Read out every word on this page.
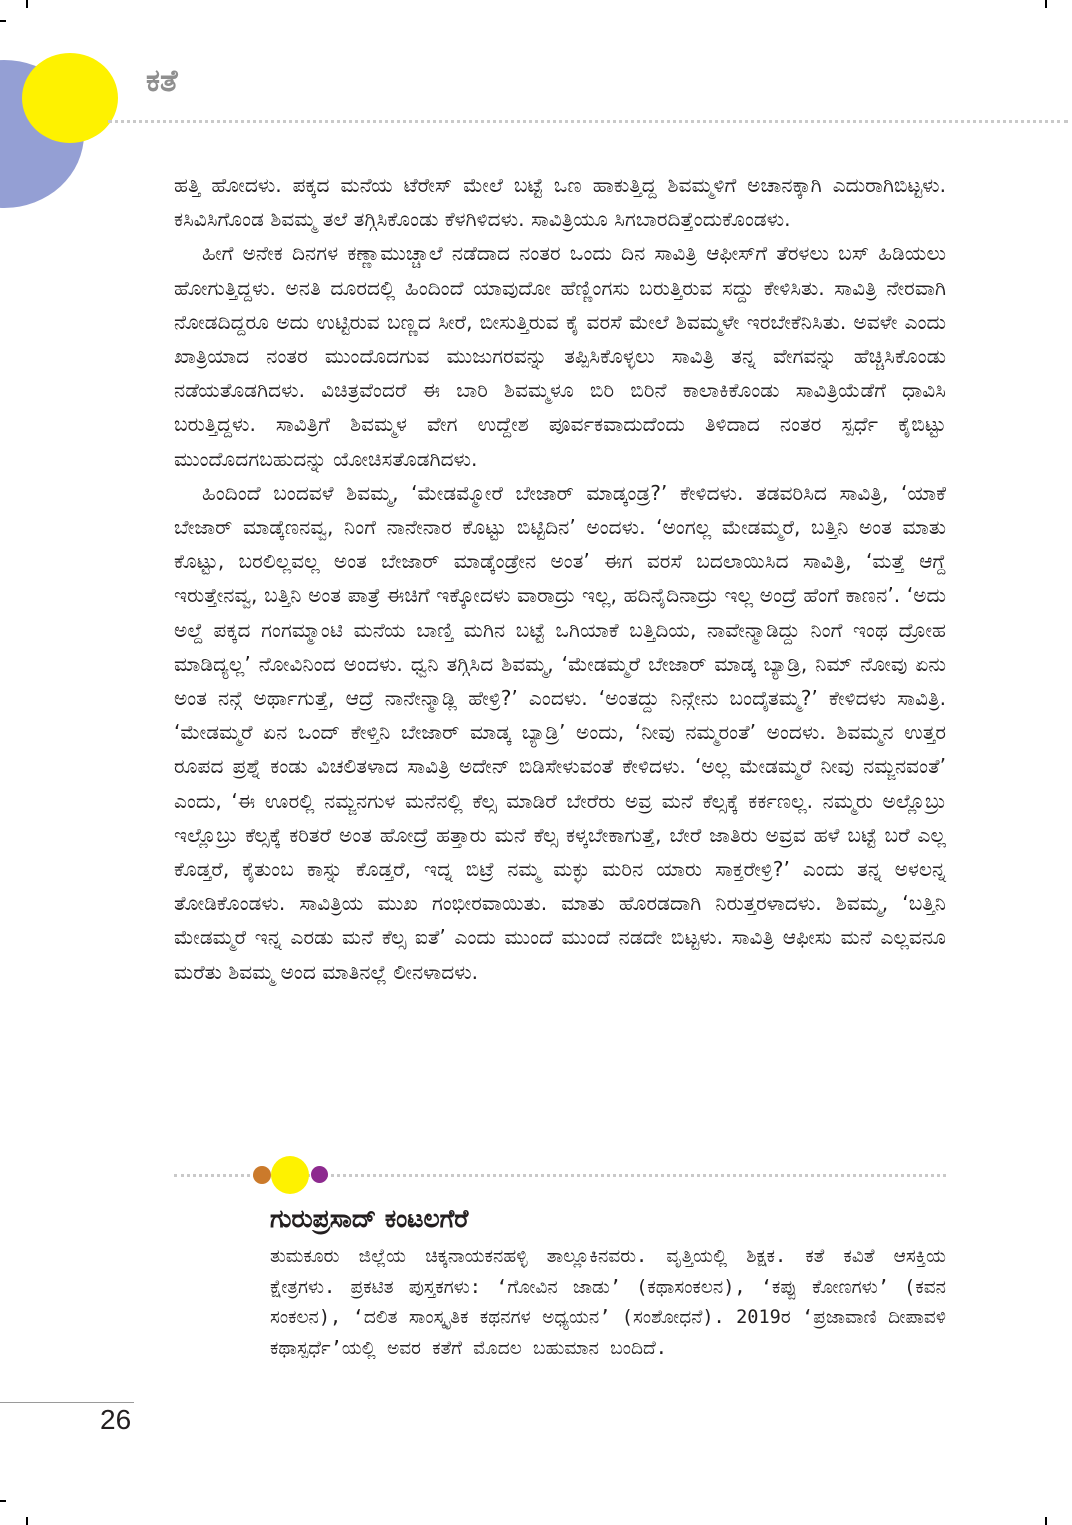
ಕತೆ

ಹತ್ತಿ ಹೋದಳು. ಪಕ್ಕದ ಮನೆಯ ಟೆರೇಸ್ ಮೇಲೆ ಬಟ್ಟೆ ಒಣ ಹಾಕುತ್ತಿದ್ದ ಶಿವಮ್ಮಳಿಗೆ ಅಚಾನಕ್ಕಾಗಿ ಎದುರಾಗಿಬಿಟ್ಟಳು. ಕಸಿವಿಸಿಗೊಂಡ ಶಿವಮ್ಮ ತಲೆ ತಗ್ಗಿಸಿಕೊಂಡು ಕೆಳಗಿಳಿದಳು. ಸಾವಿತ್ರಿಯೂ ಸಿಗಬಾರದಿತ್ತೆಂದುಕೊಂಡಳು.

ಹೀಗೆ ಅನೇಕ ದಿನಗಳ ಕಣ್ಣಾಮುಚ್ಚಾಲೆ ನಡೆದಾದ ನಂತರ ಒಂದು ದಿನ ಸಾವಿತ್ರಿ ಆಫೀಸ್‌ಗೆ ತೆರಳಲು ಬಸ್ ಹಿಡಿಯಲು ಹೋಗುತ್ತಿದ್ದಳು. ಅನತಿ ದೂರದಲ್ಲಿ ಹಿಂದಿಂದೆ ಯಾವುದೋ ಹೆಣ್ಣಿಂಗಸು ಬರುತ್ತಿರುವ ಸದ್ದು ಕೇಳಿಸಿತು. ಸಾವಿತ್ರಿ ನೇರವಾಗಿ ನೋಡದಿದ್ದರೂ ಅದು ಉಟ್ಟಿರುವ ಬಣ್ಣದ ಸೀರೆ, ಬೀಸುತ್ತಿರುವ ಕೈ ವರಸೆ ಮೇಲೆ ಶಿವಮ್ಮಳೇ ಇರಬೇಕೆನಿಸಿತು. ಅವಳೇ ಎಂದು ಖಾತ್ರಿಯಾದ ನಂತರ ಮುಂದೊದಗುವ ಮುಜುಗರವನ್ನು ತಪ್ಪಿಸಿಕೊಳ್ಳಲು ಸಾವಿತ್ರಿ ತನ್ನ ವೇಗವನ್ನು ಹೆಚ್ಚಿಸಿಕೊಂಡು ನಡೆಯತೊಡಗಿದಳು. ವಿಚಿತ್ರವೆಂದರೆ ಈ ಬಾರಿ ಶಿವಮ್ಮಳೂ ಬಿರಿ ಬಿರಿನೆ ಕಾಲಾಕಿಕೊಂಡು ಸಾವಿತ್ರಿಯೆಡೆಗೆ ಧಾವಿಸಿ ಬರುತ್ತಿದ್ದಳು. ಸಾವಿತ್ರಿಗೆ ಶಿವಮ್ಮಳ ವೇಗ ಉದ್ದೇಶ ಪೂರ್ವಕವಾದುದೆಂದು ತಿಳಿದಾದ ನಂತರ ಸ್ಪರ್ಧೆ ಕೈಬಿಟ್ಟು ಮುಂದೊದಗಬಹುದನ್ನು ಯೋಚಿಸತೊಡಗಿದಳು.

ಹಿಂದಿಂದೆ ಬಂದವಳೆ ಶಿವಮ್ಮ, ‘ಮೇಡಮ್ಮೋರೆ ಬೇಜಾರ್ ಮಾಡ್ಕಂಡ್ರ?’ ಕೇಳಿದಳು. ತಡವರಿಸಿದ ಸಾವಿತ್ರಿ, ‘ಯಾಕೆ ಬೇಜಾರ್ ಮಾಡ್ಕೆಣನವ್ವ, ನಿಂಗೆ ನಾನೇನಾರ ಕೊಟ್ಟು ಬಿಟ್ಟಿದಿನ’ ಅಂದಳು. ‘ಅಂಗಲ್ಲ ಮೇಡಮ್ಮರೆ, ಬತ್ತಿನಿ ಅಂತ ಮಾತು ಕೊಟ್ಟು, ಬರಲಿಲ್ಲವಲ್ಲ ಅಂತ ಬೇಜಾರ್ ಮಾಡ್ಕೆಂಡ್ರೇನ ಅಂತ’ ಈಗ ವರಸೆ ಬದಲಾಯಿಸಿದ ಸಾವಿತ್ರಿ, ‘ಮತ್ತೆ ಆಗ್ದೆ ಇರುತ್ತೇನವ್ವ, ಬತ್ತಿನಿ ಅಂತ ಪಾತ್ರೆ ಈಚಿಗೆ ಇಕ್ಕೋದಳು ವಾರಾದ್ರು ಇಲ್ಲ, ಹದಿನೈದಿನಾದ್ರು ಇಲ್ಲ ಅಂದ್ರೆ ಹೆಂಗೆ ಕಾಣನ’. ‘ಅದು ಅಲ್ದೆ ಪಕ್ಕದ ಗಂಗಮ್ಮಾಂಟಿ ಮನೆಯ ಬಾಣ್ತಿ ಮಗಿನ ಬಟ್ಟೆ ಒಗಿಯಾಕೆ ಬತ್ತಿದಿಯ, ನಾವೇನ್ಮಾಡಿದ್ದು ನಿಂಗೆ ಇಂಥ ದ್ರೋಹ ಮಾಡಿದ್ಯಲ್ಲ’ ನೋವಿನಿಂದ ಅಂದಳು. ಧ್ವನಿ ತಗ್ಗಿಸಿದ ಶಿವಮ್ಮ, ‘ಮೇಡಮ್ಮರೆ ಬೇಜಾರ್ ಮಾಡ್ಕ ಬ್ಯಾಡ್ರಿ, ನಿಮ್ ನೋವು ಏನು ಅಂತ ನನ್ಗೆ ಅರ್ಥಾಗುತ್ತೆ, ಆದ್ರೆ ನಾನೇನ್ಮಾಡ್ಲಿ ಹೇಳ್ರಿ?’ ಎಂದಳು. ‘ಅಂತದ್ದು ನಿನ್ಗೇನು ಬಂದೈತಮ್ಮ?’ ಕೇಳಿದಳು ಸಾವಿತ್ರಿ. ‘ಮೇಡಮ್ಮರೆ ಏನ ಒಂದ್ ಕೇಳ್ತಿನಿ ಬೇಜಾರ್ ಮಾಡ್ಕ ಬ್ಯಾಡ್ರಿ’ ಅಂದು, ‘ನೀವು ನಮ್ಮರಂತೆ’ ಅಂದಳು. ಶಿವಮ್ಮನ ಉತ್ತರ ರೂಪದ ಪ್ರಶ್ನೆ ಕಂಡು ವಿಚಲಿತಳಾದ ಸಾವಿತ್ರಿ ಅದೇನ್ ಬಿಡಿಸೇಳುವಂತೆ ಕೇಳಿದಳು. ‘ಅಲ್ಲ ಮೇಡಮ್ಮರೆ ನೀವು ನಮ್ಜನವಂತೆ’ ಎಂದು, ‘ಈ ಊರಲ್ಲಿ ನಮ್ಜನಗುಳ ಮನೆನಲ್ಲಿ ಕೆಲ್ಸ ಮಾಡಿರೆ ಬೇರೆರು ಅವ್ರ ಮನೆ ಕೆಲ್ಸಕ್ಕೆ ಕರ್ಕಣಲ್ಲ. ನಮ್ಮರು ಅಲ್ಲೊಬ್ರು ಇಲ್ಲೊಬ್ರು ಕೆಲ್ಸಕ್ಕೆ ಕರಿತರೆ ಅಂತ ಹೋದ್ರೆ ಹತ್ತಾರು ಮನೆ ಕೆಲ್ಸ ಕಳ್ಕಬೇಕಾಗುತ್ತೆ, ಬೇರೆ ಜಾತಿರು ಅವ್ರವ ಹಳೆ ಬಟ್ಟೆ ಬರೆ ಎಲ್ಲ ಕೊಡ್ತರೆ, ಕೈತುಂಬ ಕಾಸ್ನು ಕೊಡ್ತರೆ, ಇದ್ನ ಬಿಟ್ರೆ ನಮ್ಮ ಮಕ್ಳು ಮರಿನ ಯಾರು ಸಾಕ್ತರೇಳ್ರಿ?’ ಎಂದು ತನ್ನ ಅಳಲನ್ನ ತೋಡಿಕೊಂಡಳು. ಸಾವಿತ್ರಿಯ ಮುಖ ಗಂಭೀರವಾಯಿತು. ಮಾತು ಹೊರಡದಾಗಿ ನಿರುತ್ತರಳಾದಳು. ಶಿವಮ್ಮ, ‘ಬತ್ತಿನಿ ಮೇಡಮ್ಮರೆ ಇನ್ನ ಎರಡು ಮನೆ ಕೆಲ್ಸ ಐತೆ’ ಎಂದು ಮುಂದೆ ಮುಂದೆ ನಡದೇ ಬಿಟ್ಟಳು. ಸಾವಿತ್ರಿ ಆಫೀಸು ಮನೆ ಎಲ್ಲವನೂ ಮರೆತು ಶಿವಮ್ಮ ಅಂದ ಮಾತಿನಲ್ಲೆ ಲೀನಳಾದಳು.

ಗುರುಪ್ರಸಾದ್ ಕಂಟಲಗೆರೆ
ತುಮಕೂರು ಜಿಲ್ಲೆಯ ಚಿಕ್ಕನಾಯಕನಹಳ್ಳಿ ತಾಲ್ಲೂಕಿನವರು. ವೃತ್ತಿಯಲ್ಲಿ ಶಿಕ್ಷಕ. ಕತೆ ಕವಿತೆ ಆಸಕ್ತಿಯ ಕ್ಷೇತ್ರಗಳು. ಪ್ರಕಟಿತ ಪುಸ್ತಕಗಳು: ‘ಗೋವಿನ ಜಾಡು’ (ಕಥಾಸಂಕಲನ), ‘ಕಪ್ಪು ಕೋಣಗಳು’ (ಕವನ ಸಂಕಲನ), ‘ದಲಿತ ಸಾಂಸ್ಕೃತಿಕ ಕಥನಗಳ ಅಧ್ಯಯನ’ (ಸಂಶೋಧನೆ). 2019ರ ‘ಪ್ರಜಾವಾಣಿ ದೀಪಾವಳಿ ಕಥಾಸ್ಪರ್ಧೆ’ಯಲ್ಲಿ ಅವರ ಕತೆಗೆ ಮೊದಲ ಬಹುಮಾನ ಬಂದಿದೆ.
26
